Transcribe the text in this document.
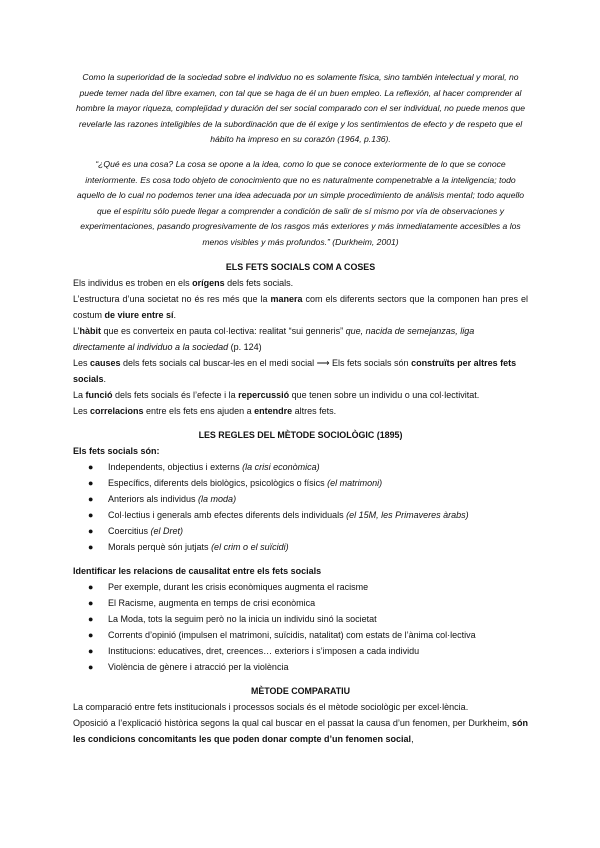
Como la superioridad de la sociedad sobre el individuo no es solamente física, sino también intelectual y moral, no puede temer nada del libre examen, con tal que se haga de él un buen empleo. La reflexión, al hacer comprender al hombre la mayor riqueza, complejidad y duración del ser social comparado con el ser individual, no puede menos que revelarle las razones inteligibles de la subordinación que de él exige y los sentimientos de efecto y de respeto que el hábito ha impreso en su corazón (1964, p.136).

“¿Qué es una cosa? La cosa se opone a la idea, como lo que se conoce exteriormente de lo que se conoce interiormente. Es cosa todo objeto de conocimiento que no es naturalmente compenetrable a la inteligencia; todo aquello de lo cual no podemos tener una idea adecuada por un simple procedimiento de análisis mental; todo aquello que el espíritu sólo puede llegar a comprender a condición de salir de sí mismo por vía de observaciones y experimentaciones, pasando progresivamente de los rasgos más exteriores y más inmediatamente accesibles a los menos visibles y más profundos.” (Durkheim, 2001)

ELS FETS SOCIALS COM A COSES

Els individus es troben en els orígens dels fets socials.

L’estructura d’una societat no és res més que la manera com els diferents sectors que la componen han pres el costum de viure entre sí.

L’hàbit que es converteix en pauta col·lectiva: realitat “sui genneris” que, nacida de semejanzas, liga directamente al individuo a la sociedad (p. 124)

Les causes dels fets socials cal buscar-les en el medi social ⟶ Els fets socials són construïts per altres fets socials.

La funció dels fets socials és l’efecte i la repercussió que tenen sobre un individu o una col·lectivitat.

Les correlacions entre els fets ens ajuden a entendre altres fets.

LES REGLES DEL MÈTODE SOCIOLÒGIC (1895)

Els fets socials són:

● Independents, objectius i externs (la crisi econòmica)
● Específics, diferents dels biològics, psicològics o físics (el matrimoni)
● Anteriors als individus (la moda)
● Col·lectius i generals amb efectes diferents dels individuals (el 15M, les Primaveres àrabs)
● Coercitius (el Dret)
● Morals perquè són jutjats (el crim o el suïcidi)

Identificar les relacions de causalitat entre els fets socials

● Per exemple, durant les crisis econòmiques augmenta el racisme
● El Racisme, augmenta en temps de crisi econòmica
● La Moda, tots la seguim però no la inicia un individu sinó la societat
● Corrents d’opinió (impulsen el matrimoni, suïcidis, natalitat) com estats de l’ànima col·lectiva
● Institucions: educatives, dret, creences… exteriors i s’imposen a cada individu
● Violència de gènere i atracció per la violència
MÈTODE COMPARATIU

La comparació entre fets institucionals i processos socials és el mètode sociològic per excel·lència.

Oposició a l’explicació històrica segons la qual cal buscar en el passat la causa d’un fenomen, per Durkheim, són les condicions concomitants les que poden donar compte d’un fenomen social,
